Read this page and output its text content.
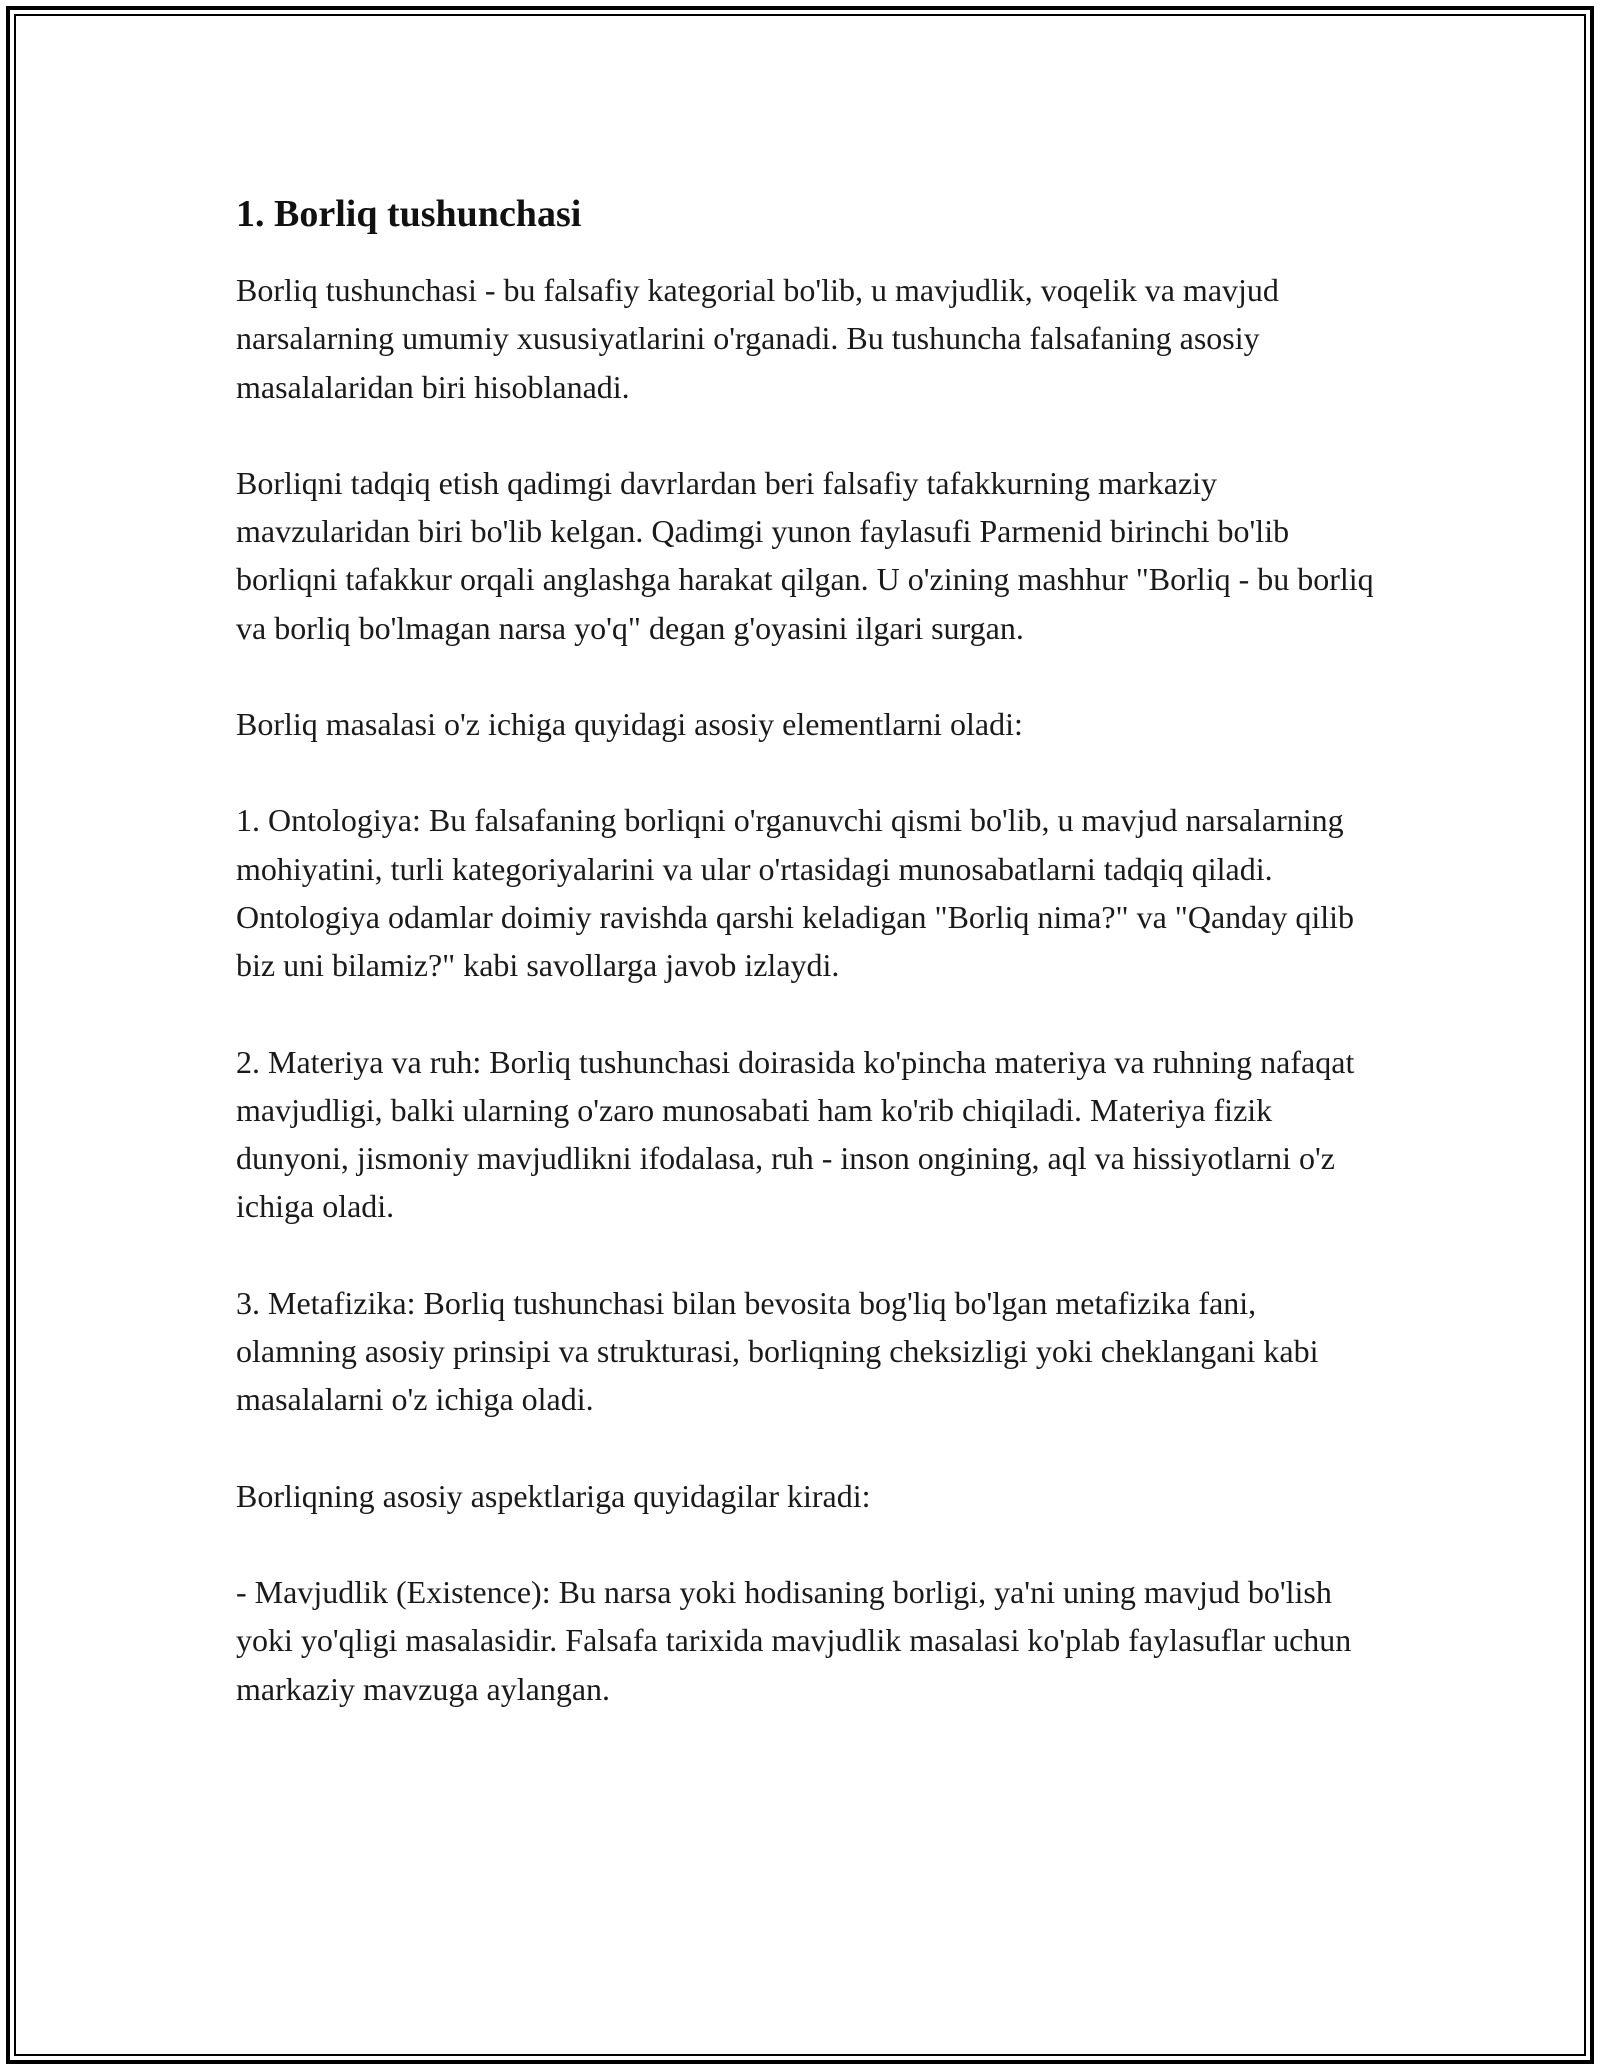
1. Borliq tushunchasi

Borliq tushunchasi - bu falsafiy kategorial bo'lib, u mavjudlik, voqelik va mavjud narsalarning umumiy xususiyatlarini o'rganadi. Bu tushuncha falsafaning asosiy masalalaridan biri hisoblanadi.

Borliqni tadqiq etish qadimgi davrlardan beri falsafiy tafakkurning markaziy mavzularidan biri bo'lib kelgan. Qadimgi yunon faylasufi Parmenid birinchi bo'lib borliqni tafakkur orqali anglashga harakat qilgan. U o'zining mashhur "Borliq - bu borliq va borliq bo'lmagan narsa yo'q" degan g'oyasini ilgari surgan.

Borliq masalasi o'z ichiga quyidagi asosiy elementlarni oladi:

1. Ontologiya: Bu falsafaning borliqni o'rganuvchi qismi bo'lib, u mavjud narsalarning mohiyatini, turli kategoriyalarini va ular o'rtasidagi munosabatlarni tadqiq qiladi. Ontologiya odamlar doimiy ravishda qarshi keladigan "Borliq nima?" va "Qanday qilib biz uni bilamiz?" kabi savollarga javob izlaydi.

2. Materiya va ruh: Borliq tushunchasi doirasida ko'pincha materiya va ruhning nafaqat mavjudligi, balki ularning o'zaro munosabati ham ko'rib chiqiladi. Materiya fizik dunyoni, jismoniy mavjudlikni ifodalasa, ruh - inson ongining, aql va hissiyotlarni o'z ichiga oladi.

3. Metafizika: Borliq tushunchasi bilan bevosita bog'liq bo'lgan metafizika fani, olamning asosiy prinsipi va strukturasi, borliqning cheksizligi yoki cheklangani kabi masalalarni o'z ichiga oladi.

Borliqning asosiy aspektlariga quyidagilar kiradi:

- Mavjudlik (Existence): Bu narsa yoki hodisaning borligi, ya'ni uning mavjud bo'lish yoki yo'qligi masalasidir. Falsafa tarixida mavjudlik masalasi ko'plab faylasuflar uchun markaziy mavzuga aylangan.
